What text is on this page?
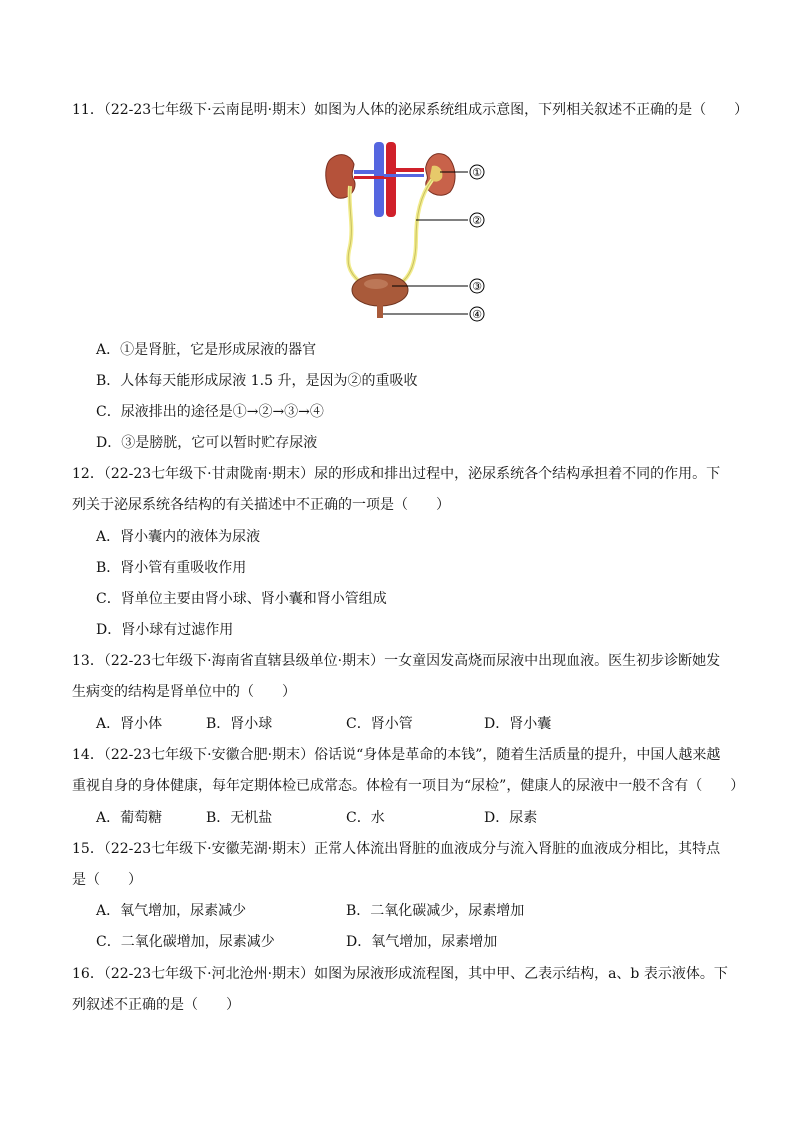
11．（22-23七年级下·云南昆明·期末）如图为人体的泌尿系统组成示意图，下列相关叙述不正确的是（　　）
①
②
③
④
A．①是肾脏，它是形成尿液的器官
B．人体每天能形成尿液 1.5 升，是因为②的重吸收
C．尿液排出的途径是①→②→③→④
D．③是膀胱，它可以暂时贮存尿液
12．（22-23七年级下·甘肃陇南·期末）尿的形成和排出过程中，泌尿系统各个结构承担着不同的作用。下
列关于泌尿系统各结构的有关描述中不正确的一项是（　　）
A．肾小囊内的液体为尿液
B．肾小管有重吸收作用
C．肾单位主要由肾小球、肾小囊和肾小管组成
D．肾小球有过滤作用
13．（22-23七年级下·海南省直辖县级单位·期末）一女童因发高烧而尿液中出现血液。医生初步诊断她发
生病变的结构是肾单位中的（　　）
A．肾小体	B．肾小球	C．肾小管	D．肾小囊
14．（22-23七年级下·安徽合肥·期末）俗话说“身体是革命的本钱”，随着生活质量的提升，中国人越来越
重视自身的身体健康，每年定期体检已成常态。体检有一项目为“尿检”，健康人的尿液中一般不含有（　　）
A．葡萄糖	B．无机盐	C．水	D．尿素
15．（22-23七年级下·安徽芜湖·期末）正常人体流出肾脏的血液成分与流入肾脏的血液成分相比，其特点
是（　　）
A．氧气增加，尿素减少	B．二氧化碳减少，尿素增加
C．二氧化碳增加，尿素减少	D．氧气增加，尿素增加
16．（22-23七年级下·河北沧州·期末）如图为尿液形成流程图，其中甲、乙表示结构，a、b 表示液体。下
列叙述不正确的是（　　）
